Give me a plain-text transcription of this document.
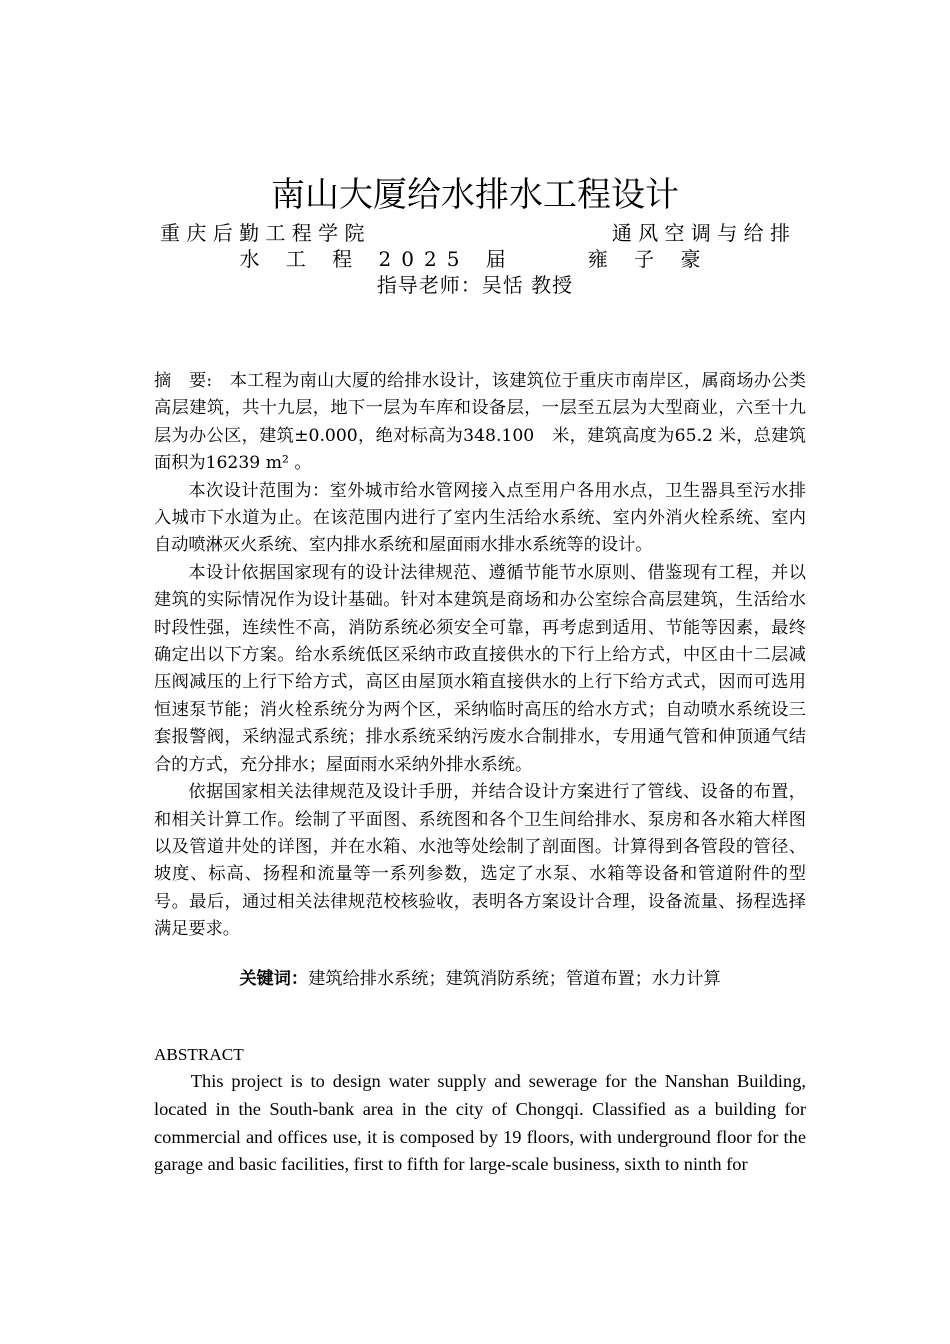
南山大厦给水排水工程设计
重 庆 后 勤 工 程 学 院	通 风 空 调 与 给 排
水 工 程 2025 届	雍 子 豪
指导老师：吴恬 教授

摘　要:  本工程为南山大厦的给排水设计，该建筑位于重庆市南岸区，属商场办公类高层建筑，共十九层，地下一层为车库和设备层，一层至五层为大型商业，六至十九层为办公区，建筑±0.000，绝对标高为348.100　米，建筑高度为65.2 米，总建筑面积为16239 m² 。

本次设计范围为：室外城市给水管网接入点至用户各用水点，卫生器具至污水排入城市下水道为止。在该范围内进行了室内生活给水系统、室内外消火栓系统、室内自动喷淋灭火系统、室内排水系统和屋面雨水排水系统等的设计。

本设计依据国家现有的设计法律规范、遵循节能节水原则、借鉴现有工程，并以建筑的实际情况作为设计基础。针对本建筑是商场和办公室综合高层建筑，生活给水时段性强，连续性不高，消防系统必须安全可靠，再考虑到适用、节能等因素，最终确定出以下方案。给水系统低区采纳市政直接供水的下行上给方式，中区由十二层减压阀减压的上行下给方式，高区由屋顶水箱直接供水的上行下给方式式，因而可选用恒速泵节能；消火栓系统分为两个区，采纳临时高压的给水方式；自动喷水系统设三套报警阀，采纳湿式系统；排水系统采纳污废水合制排水，专用通气管和伸顶通气结合的方式，充分排水；屋面雨水采纳外排水系统。

依据国家相关法律规范及设计手册，并结合设计方案进行了管线、设备的布置，和相关计算工作。绘制了平面图、系统图和各个卫生间给排水、泵房和各水箱大样图以及管道井处的详图，并在水箱、水池等处绘制了剖面图。计算得到各管段的管径、坡度、标高、扬程和流量等一系列参数，选定了水泵、水箱等设备和管道附件的型号。最后，通过相关法律规范校核验收，表明各方案设计合理，设备流量、扬程选择满足要求。

关键词：建筑给排水系统；建筑消防系统；管道布置；水力计算

ABSTRACT

This project is to design water supply and sewerage for the Nanshan Building, located in the South-bank area in the city of Chongqi. Classified as a building for commercial and offices use, it is composed by 19 floors, with underground floor for the garage and basic facilities, first to fifth for large-scale business, sixth to ninth for
